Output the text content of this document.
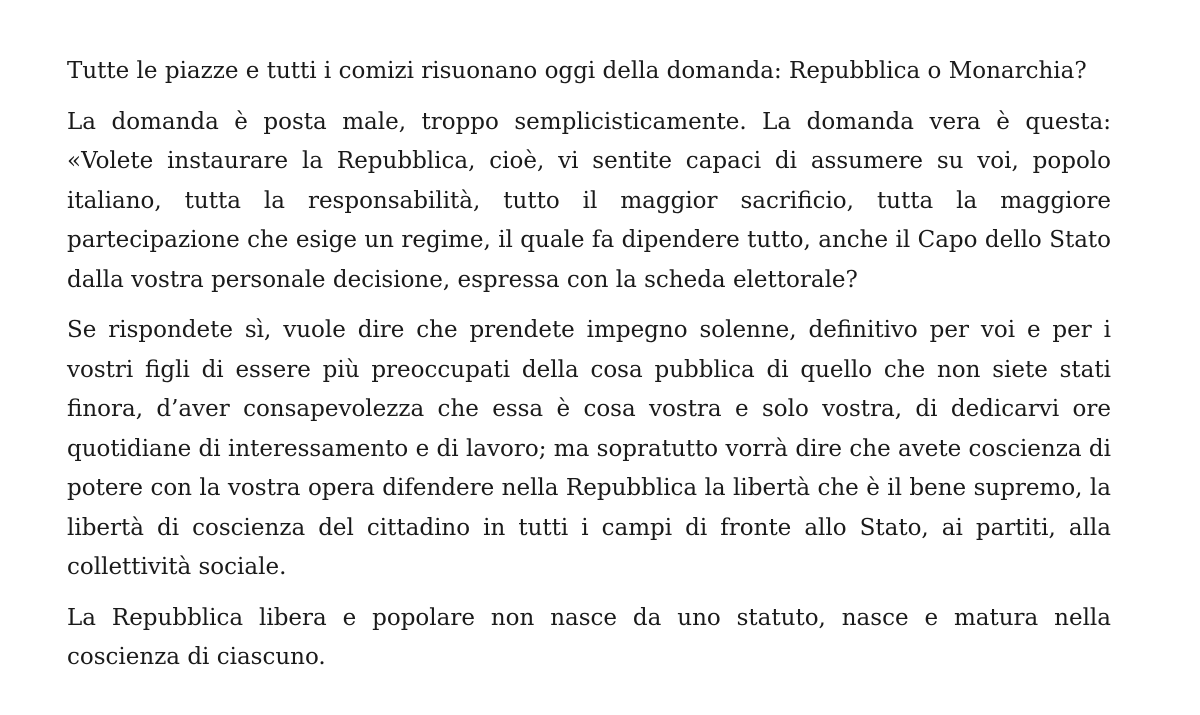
Tutte le piazze e tutti i comizi risuonano oggi della domanda: Repubblica o Monarchia?

La domanda è posta male, troppo semplicisticamente. La domanda vera è questa: «Volete instaurare la Repubblica, cioè, vi sentite capaci di assumere su voi, popolo italiano, tutta la responsabilità, tutto il maggior sacrificio, tutta la maggiore partecipazione che esige un regime, il quale fa dipendere tutto, anche il Capo dello Stato dalla vostra personale decisione, espressa con la scheda elettorale?

Se rispondete sì, vuole dire che prendete impegno solenne, definitivo per voi e per i vostri figli di essere più preoccupati della cosa pubblica di quello che non siete stati finora, d’aver consapevolezza che essa è cosa vostra e solo vostra, di dedicarvi ore quotidiane di interessamento e di lavoro; ma sopratutto vorrà dire che avete coscienza di potere con la vostra opera difendere nella Repubblica la libertà che è il bene supremo, la libertà di coscienza del cittadino in tutti i campi di fronte allo Stato, ai partiti, alla collettività sociale.

La Repubblica libera e popolare non nasce da uno statuto, nasce e matura nella coscienza di ciascuno.
